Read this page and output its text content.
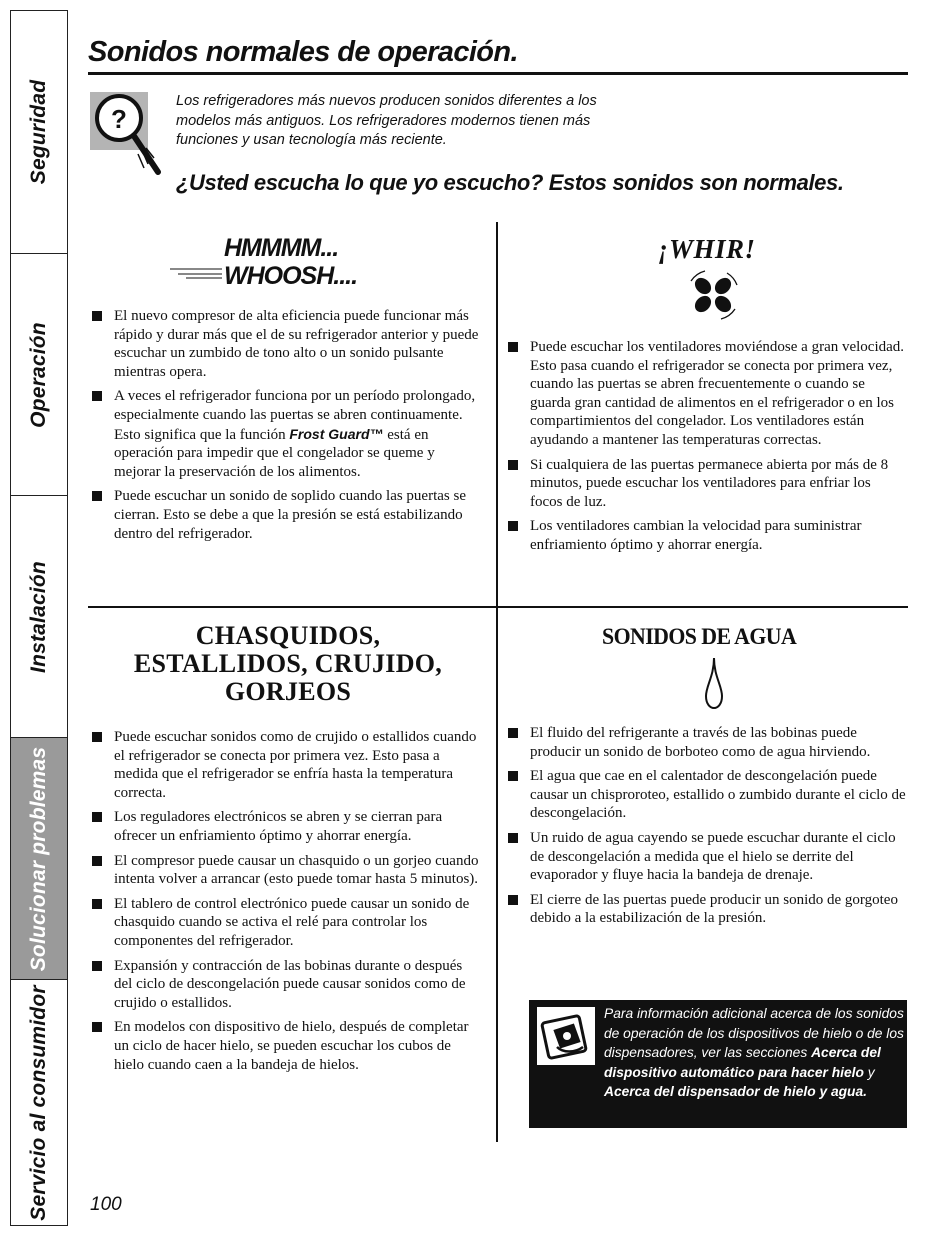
Seguridad
Operación
Instalación
Solucionar problemas
Servicio al consumidor
Sonidos normales de operación.
?
Los refrigeradores más nuevos producen sonidos diferentes a los modelos más antiguos. Los refrigeradores modernos tienen más funciones y usan tecnología más reciente.
¿Usted escucha lo que yo escucho? Estos sonidos son normales.
HMMMM...
WHOOSH....
El nuevo compresor de alta eficiencia puede funcionar más rápido y durar más que el de su refrigerador anterior y puede escuchar un zumbido de tono alto o un sonido pulsante mientras opera.
A veces el refrigerador funciona por un período prolongado, especialmente cuando las puertas se abren continuamente. Esto significa que la función Frost Guard™ está en operación para impedir que el congelador se queme y mejorar la preservación de los alimentos.
Puede escuchar un sonido de soplido cuando las puertas se cierran. Esto se debe a que la presión se está estabilizando dentro del refrigerador.
¡WHIR!
Puede escuchar los ventiladores moviéndose a gran velocidad. Esto pasa cuando el refrigerador se conecta por primera vez, cuando las puertas se abren frecuentemente o cuando se guarda gran cantidad de alimentos en el refrigerador o en los compartimientos del congelador. Los ventiladores están ayudando a mantener las temperaturas correctas.
Si cualquiera de las puertas permanece abierta por más de 8 minutos, puede escuchar los ventiladores para enfriar los focos de luz.
Los ventiladores cambian la velocidad para suministrar enfriamiento óptimo y ahorrar energía.
CHASQUIDOS,
ESTALLIDOS, CRUJIDO,
GORJEOS
Puede escuchar sonidos como de crujido o estallidos cuando el refrigerador se conecta por primera vez. Esto pasa a medida que el refrigerador se enfría hasta la temperatura correcta.
Los reguladores electrónicos se abren y se cierran para ofrecer un enfriamiento óptimo y ahorrar energía.
El compresor puede causar un chasquido o un gorjeo cuando intenta volver a arrancar (esto puede tomar hasta 5 minutos).
El tablero de control electrónico puede causar un sonido de chasquido cuando se activa el relé para controlar los componentes del refrigerador.
Expansión y contracción de las bobinas durante o después del ciclo de descongelación puede causar sonidos como de crujido o estallidos.
En modelos con dispositivo de hielo, después de completar un ciclo de hacer hielo, se pueden escuchar los cubos de hielo cuando caen a la bandeja de hielos.
SONIDOS DE AGUA
El fluido del refrigerante a través de las bobinas puede producir un sonido de borboteo como de agua hirviendo.
El agua que cae en el calentador de descongelación puede causar un chisproroteo, estallido o zumbido durante el ciclo de descongelación.
Un ruido de agua cayendo se puede escuchar durante el ciclo de descongelación a medida que el hielo se derrite del evaporador y fluye hacia la bandeja de drenaje.
El cierre de las puertas puede producir un sonido de gorgoteo debido a la estabilización de la presión.
Para información adicional acerca de los sonidos de operación de los dispositivos de hielo o de los dispensadores, ver las secciones Acerca del dispositivo automático para hacer hielo y Acerca del dispensador de hielo y agua.
100
